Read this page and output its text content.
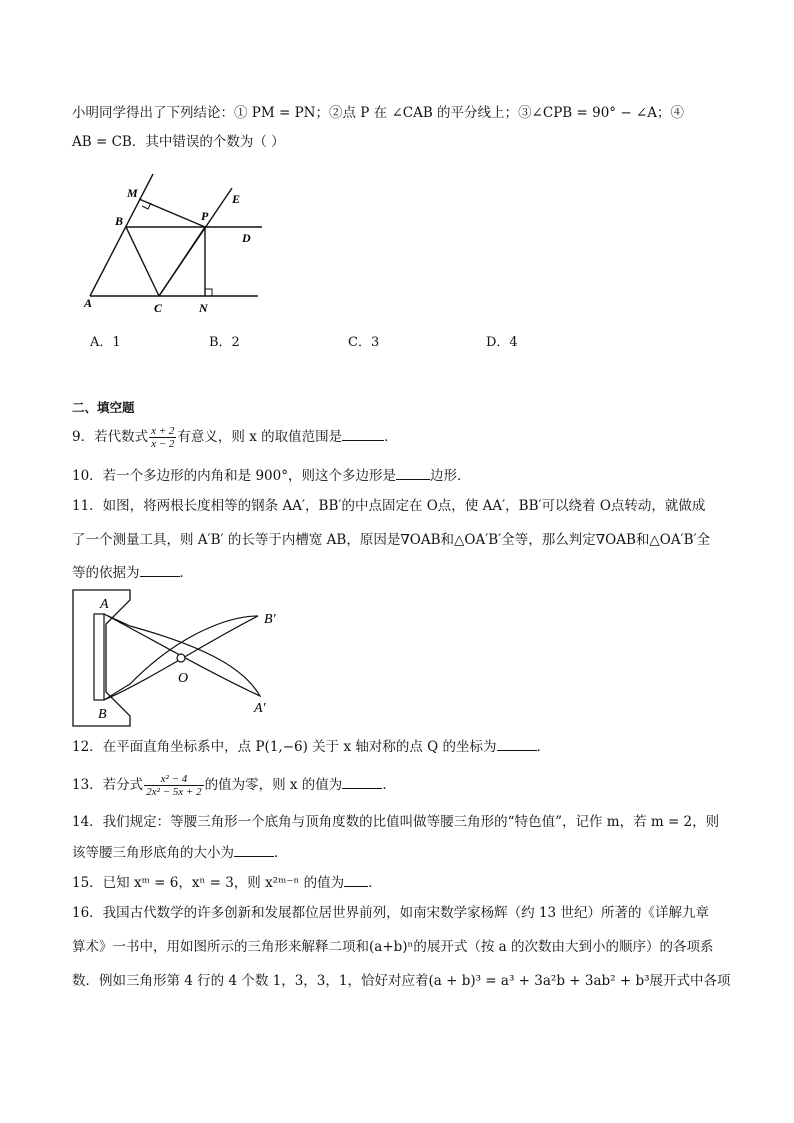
小明同学得出了下列结论：① PM = PN；②点 P 在 ∠CAB 的平分线上；③∠CPB = 90° − ∠A；④
AB = CB．其中错误的个数为（ ）
M
B	P
E
D
A	C	N
A．1	B．2	C．3	D．4
二、填空题
9．若代数式 $\frac{x + 2}{x - 2}$ 有意义，则 x 的取值范围是	．
10．若一个多边形的内角和是 900°，则这个多边形是	边形．
11．如图，将两根长度相等的钢条 AA′，BB′的中点固定在 O点，使 AA′，BB′可以绕着 O点转动，就做成
了一个测量工具，则 A′B′ 的长等于内槽宽 AB，原因是∇OAB和△OA′B′全等，那么判定∇OAB和△OA′B′全
等的依据为	．
A
B
B′
A′
O
12．在平面直角坐标系中，点 P(1,−6) 关于 x 轴对称的点 Q 的坐标为	．
13．若分式 $\frac{\text{x² − 4}}{\text{2x² − 5x + 2}}$ 的值为零，则 x 的值为	．
14．我们规定：等腰三角形一个底角与顶角度数的比值叫做等腰三角形的“特色值”，记作 m，若 m = 2，则
该等腰三角形底角的大小为	．
15．已知 xᵐ = 6，xⁿ = 3，则 x²ᵐ⁻ⁿ 的值为 ．
16．我国古代数学的许多创新和发展都位居世界前列，如南宋数学家杨辉（约 13 世纪）所著的《详解九章
算术》一书中，用如图所示的三角形来解释二项和(a+b)ⁿ的展开式（按 a 的次数由大到小的顺序）的各项系
数．例如三角形第 4 行的 4 个数 1，3，3，1，恰好对应着(a + b)³ = a³ + 3a²b + 3ab² + b³展开式中各项
